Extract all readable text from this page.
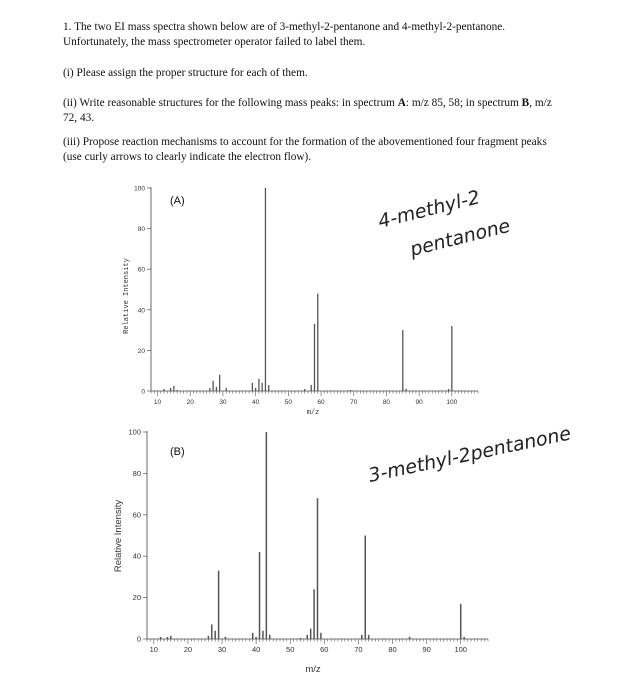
1. The two EI mass spectra shown below are of 3-methyl-2-pentanone and 4-methyl-2-pentanone. Unfortunately, the mass spectrometer operator failed to label them.

(i) Please assign the proper structure for each of them.

(ii) Write reasonable structures for the following mass peaks: in spectrum A: m/z 85, 58; in spectrum B, m/z 72, 43.

(iii) Propose reaction mechanisms to account for the formation of the abovementioned four fragment peaks (use curly arrows to clearly indicate the electron flow).

10	20	30	40	50	60	70	80	90	100
0
20
40
60
80
100
(A)
Relative Intensity
m/z
4-methyl-2
pentanone
10	20	30	40	50	60	70	80	90	100
0
20
40
60
80
100
(B)
Relative Intensity
m/z
3-methyl-2pentanone
